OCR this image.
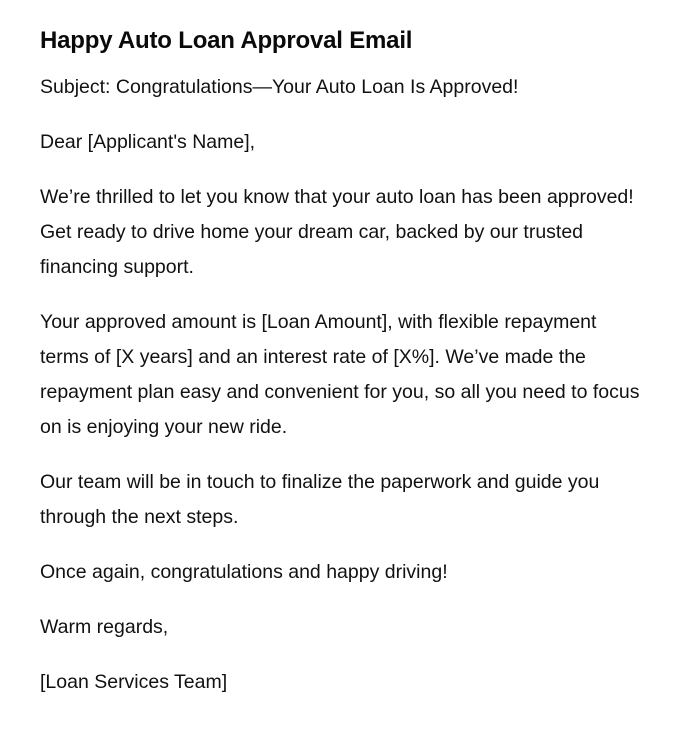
Happy Auto Loan Approval Email

Subject: Congratulations—Your Auto Loan Is Approved!

Dear [Applicant's Name],

We’re thrilled to let you know that your auto loan has been approved! Get ready to drive home your dream car, backed by our trusted financing support.

Your approved amount is [Loan Amount], with flexible repayment terms of [X years] and an interest rate of [X%]. We’ve made the repayment plan easy and convenient for you, so all you need to focus on is enjoying your new ride.

Our team will be in touch to finalize the paperwork and guide you through the next steps.

Once again, congratulations and happy driving!

Warm regards,

[Loan Services Team]
